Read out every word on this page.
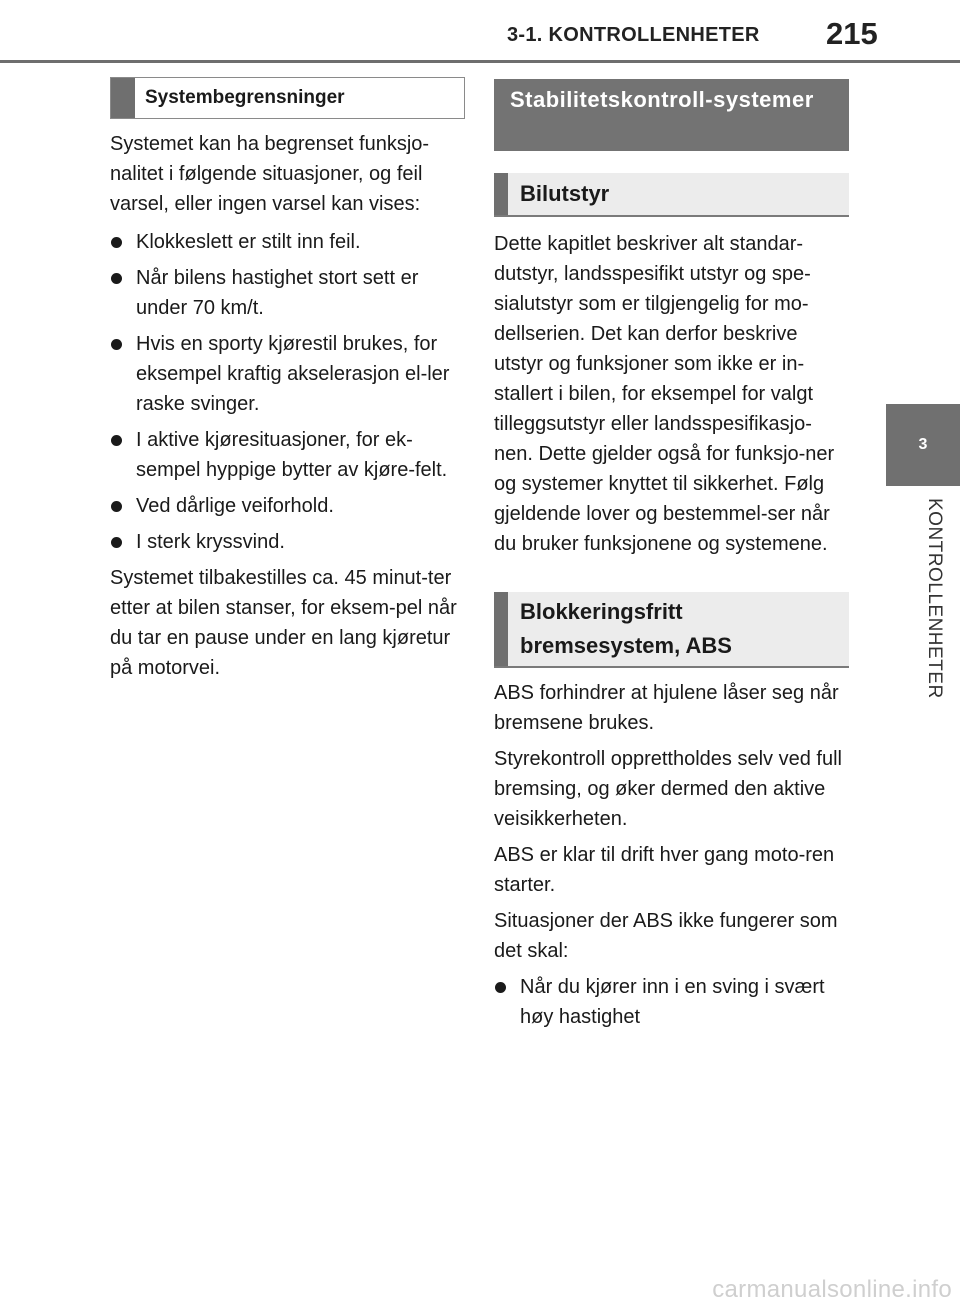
3-1. KONTROLLENHETER 215
3
KONTROLLENHETER
Systembegrensninger

Systemet kan ha begrenset funksjo-nalitet i følgende situasjoner, og feil varsel, eller ingen varsel kan vises:

Klokkeslett er stilt inn feil.
Når bilens hastighet stort sett er under 70 km/t.
Hvis en sporty kjørestil brukes, for eksempel kraftig akselerasjon el-ler raske svinger.
I aktive kjøresituasjoner, for ek-sempel hyppige bytter av kjøre-felt.
Ved dårlige veiforhold.
I sterk kryssvind.

Systemet tilbakestilles ca. 45 minut-ter etter at bilen stanser, for eksem-pel når du tar en pause under en lang kjøretur på motorvei.

Stabilitetskontroll-systemer
Bilutstyr

Dette kapitlet beskriver alt standar-dutstyr, landsspesifikt utstyr og spe-sialutstyr som er tilgjengelig for mo-dellserien. Det kan derfor beskrive utstyr og funksjoner som ikke er in-stallert i bilen, for eksempel for valgt tilleggsutstyr eller landsspesifikasjo-nen. Dette gjelder også for funksjo-ner og systemer knyttet til sikkerhet. Følg gjeldende lover og bestemmel-ser når du bruker funksjonene og systemene.

Blokkeringsfritt bremsesystem, ABS

ABS forhindrer at hjulene låser seg når bremsene brukes.

Styrekontroll opprettholdes selv ved full bremsing, og øker dermed den aktive veisikkerheten.

ABS er klar til drift hver gang moto-ren starter.

Situasjoner der ABS ikke fungerer som det skal:

Når du kjører inn i en sving i svært høy hastighet
carmanualsonline.info
